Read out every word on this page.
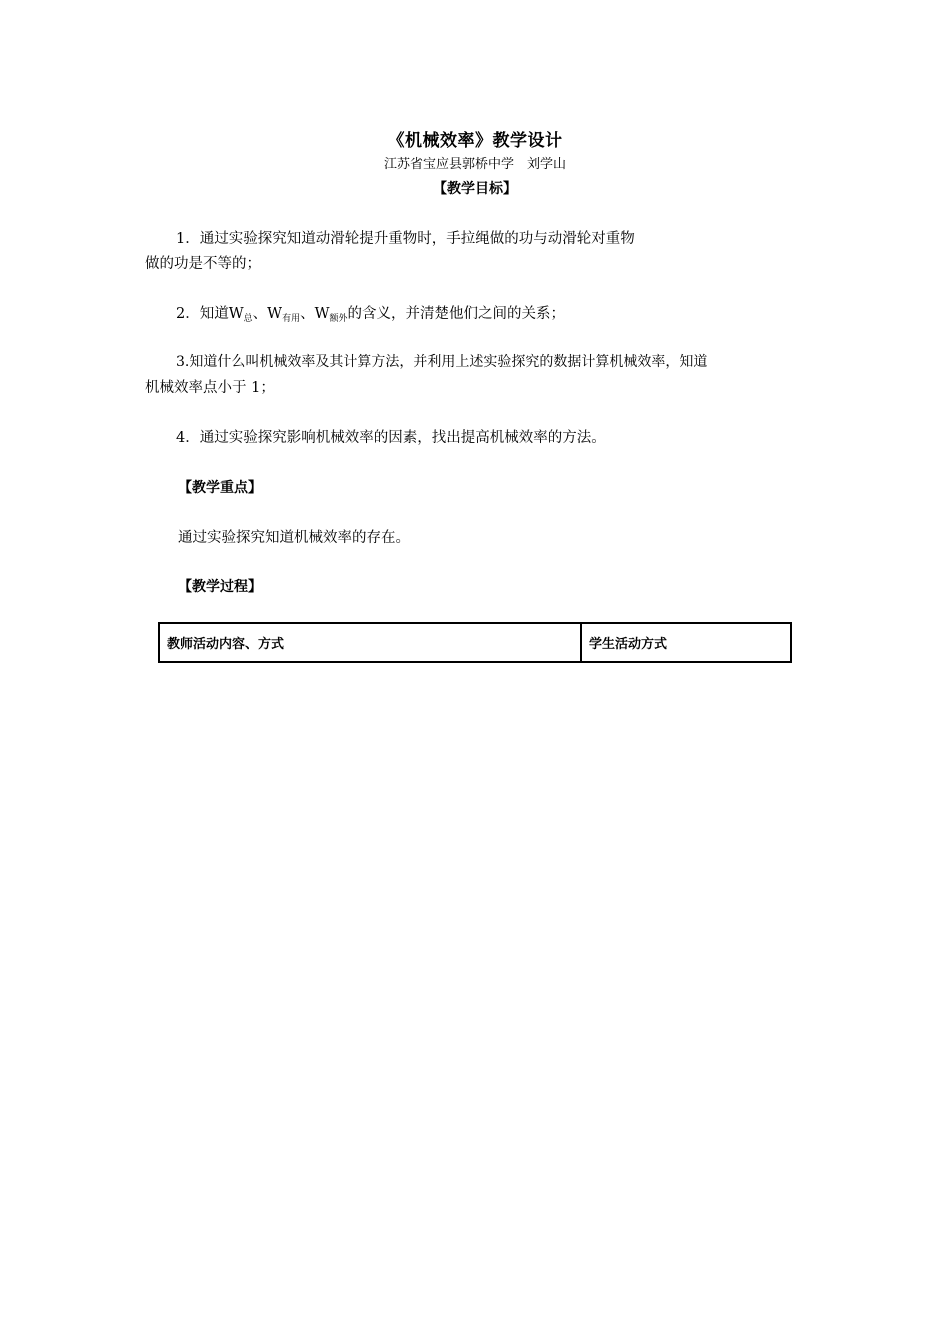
《机械效率》教学设计
江苏省宝应县郭桥中学　刘学山
【教学目标】
1．通过实验探究知道动滑轮提升重物时，手拉绳做的功与动滑轮对重物
做的功是不等的；
2．知道$W_总$、$W_{有用}$、$W_{额外}$的含义，并清楚他们之间的关系；
3.知道什么叫机械效率及其计算方法，并利用上述实验探究的数据计算机械效率，知道
机械效率点小于 1；
4．通过实验探究影响机械效率的因素，找出提高机械效率的方法。
【教学重点】
通过实验探究知道机械效率的存在。
【教学过程】
教师活动内容、方式	学生活动方式
